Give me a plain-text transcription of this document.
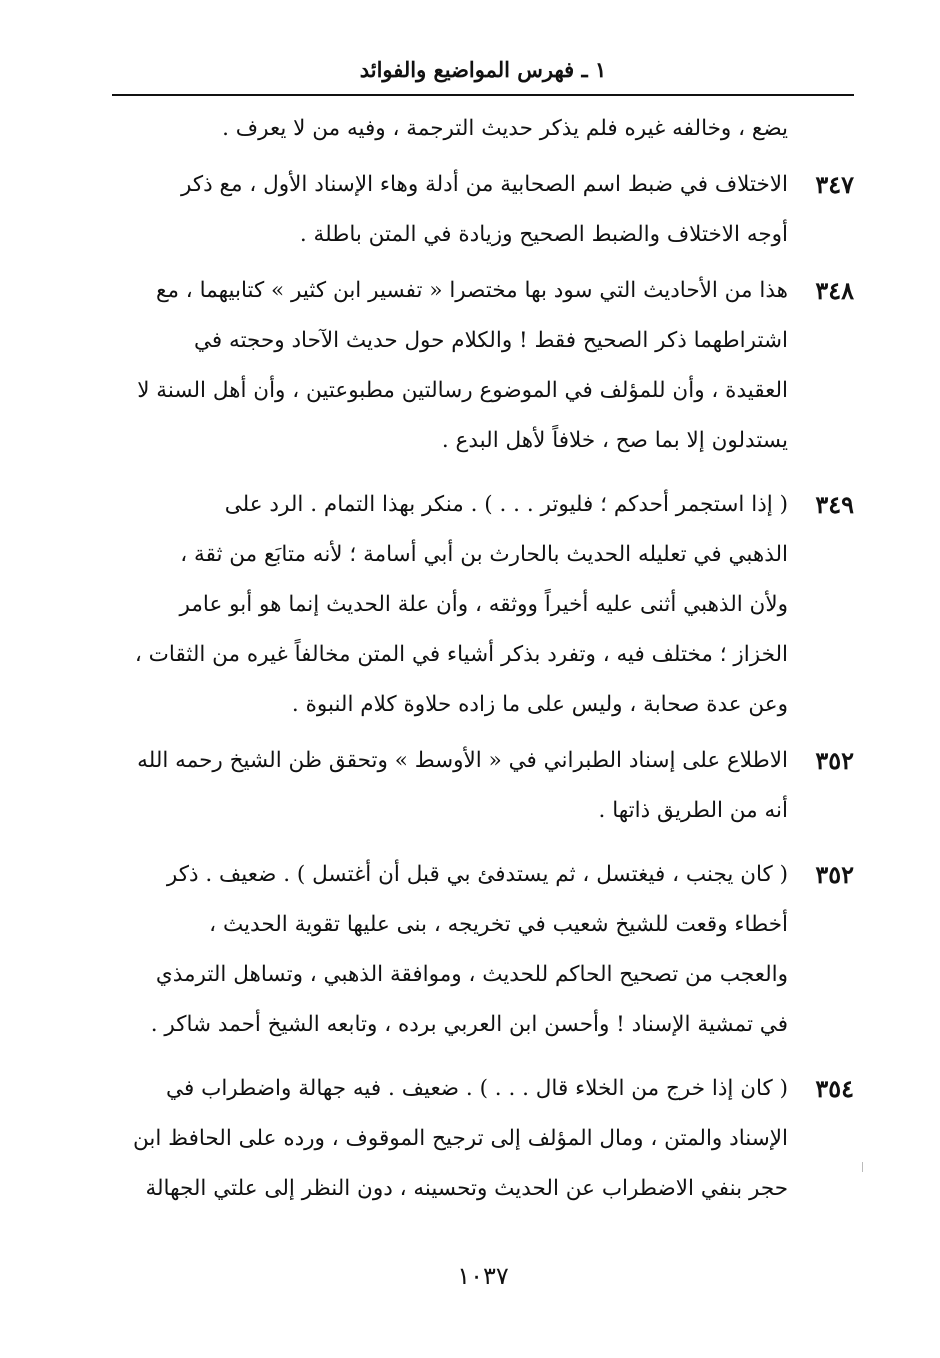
١ ـ فهرس المواضيع والفوائد
يضع ، وخالفه غيره فلم يذكر حديث الترجمة ، وفيه من لا يعرف .
٣٤٧
الاختلاف في ضبط اسم الصحابية من أدلة وهاء الإسناد الأول ، مع ذكر
أوجه الاختلاف والضبط الصحيح وزيادة في المتن باطلة .
٣٤٨
هذا من الأحاديث التي سود بها مختصرا « تفسير ابن كثير » كتابيهما ، مع
اشتراطهما ذكر الصحيح فقط ! والكلام حول حديث الآحاد وحجته في
العقيدة ، وأن للمؤلف في الموضوع رسالتين مطبوعتين ، وأن أهل السنة لا
يستدلون إلا بما صح ، خلافاً لأهل البدع .
٣٤٩
( إذا استجمر أحدكم ؛ فليوتر . . . ) . منكر بهذا التمام . الرد على
الذهبي في تعليله الحديث بالحارث بن أبي أسامة ؛ لأنه متابَع من ثقة ،
ولأن الذهبي أثنى عليه أخيراً ووثقه ، وأن علة الحديث إنما هو أبو عامر
الخزاز ؛ مختلف فيه ، وتفرد بذكر أشياء في المتن مخالفاً غيره من الثقات ،
وعن عدة صحابة ، وليس على ما زاده حلاوة كلام النبوة .
٣٥٢
الاطلاع على إسناد الطبراني في « الأوسط » وتحقق ظن الشيخ رحمه الله
أنه من الطريق ذاتها .
٣٥٢
( كان يجنب ، فيغتسل ، ثم يستدفئ بي قبل أن أغتسل ) . ضعيف . ذكر
أخطاء وقعت للشيخ شعيب في تخريجه ، بنى عليها تقوية الحديث ،
والعجب من تصحيح الحاكم للحديث ، وموافقة الذهبي ، وتساهل الترمذي
في تمشية الإسناد ! وأحسن ابن العربي برده ، وتابعه الشيخ أحمد شاكر .
٣٥٤
( كان إذا خرج من الخلاء قال . . . ) . ضعيف . فيه جهالة واضطراب في
الإسناد والمتن ، ومال المؤلف إلى ترجيح الموقوف ، ورده على الحافظ ابن
حجر بنفي الاضطراب عن الحديث وتحسينه ، دون النظر إلى علتي الجهالة
١٠٣٧
